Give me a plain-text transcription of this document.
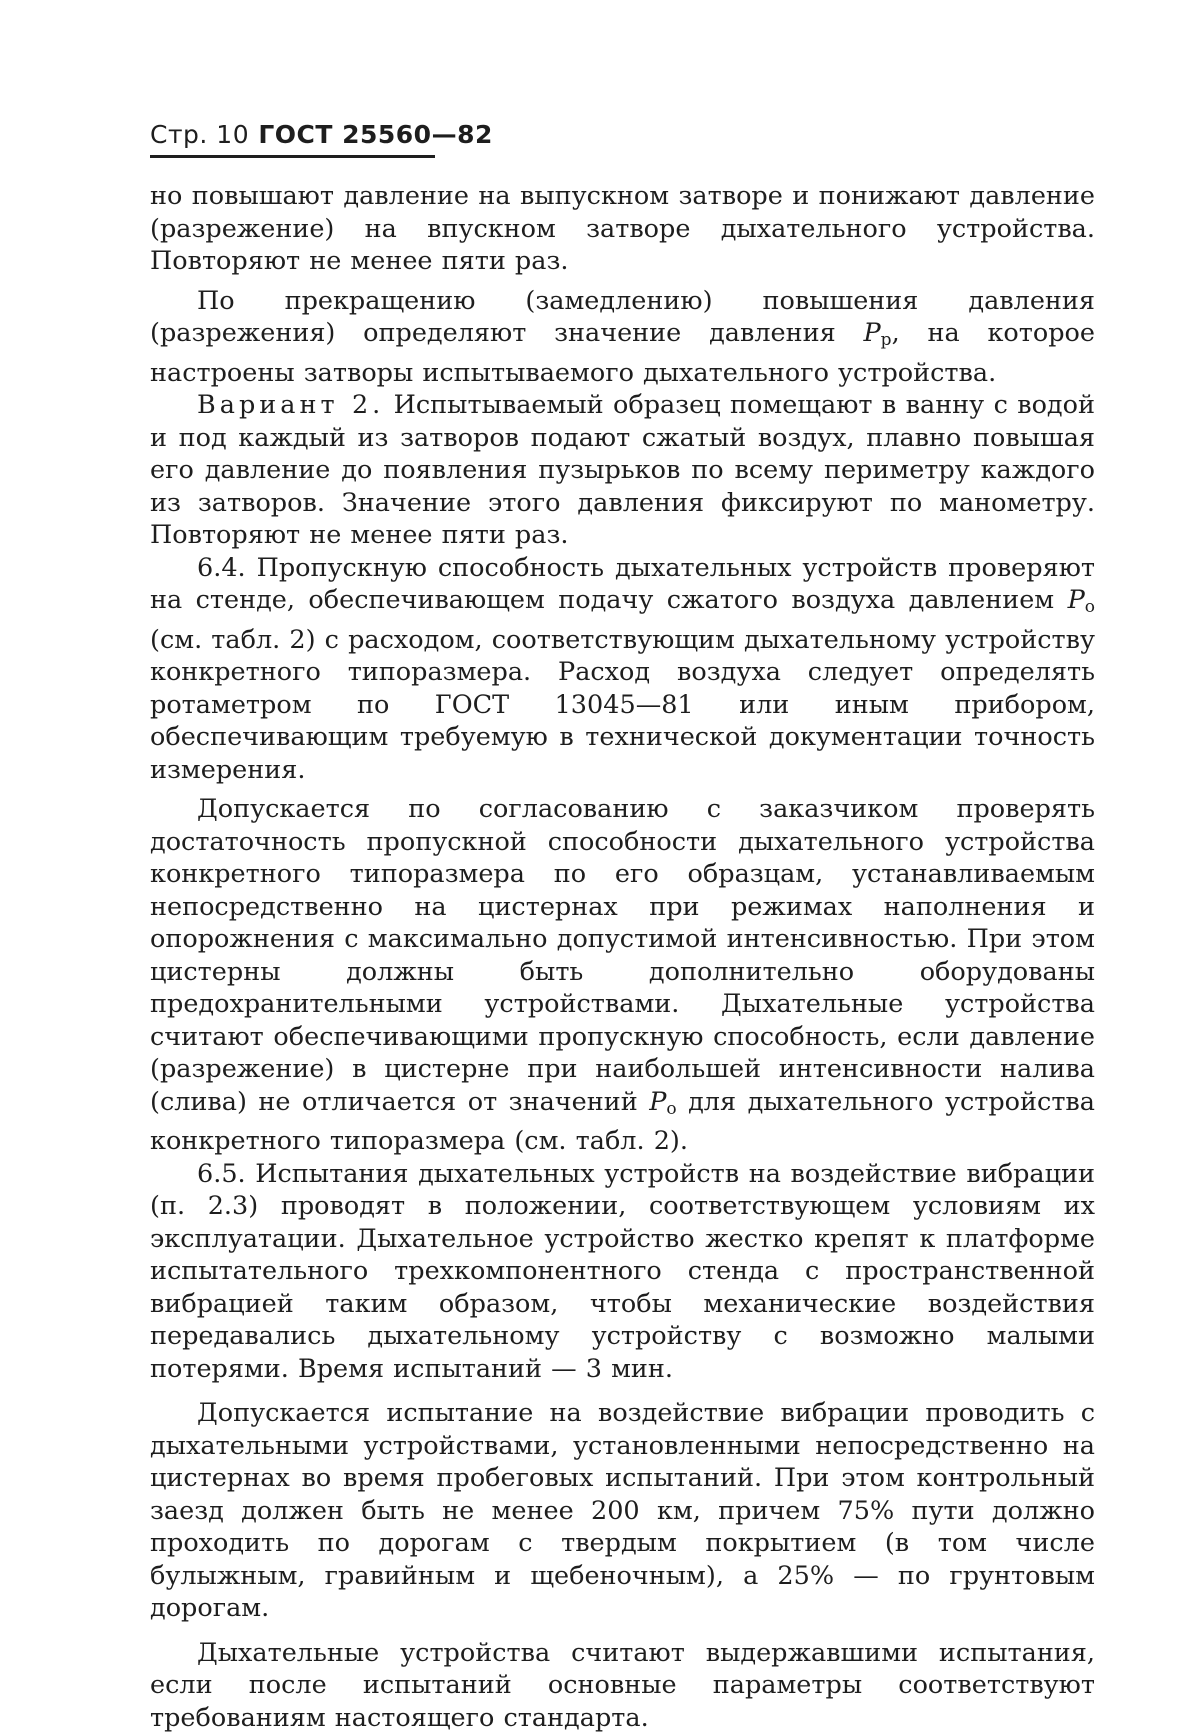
Стр. 10 ГОСТ 25560—82

но повышают давление на выпускном затворе и понижают давление (разрежение) на впускном затворе дыхательного устройства. Повторяют не менее пяти раз.

По прекращению (замедлению) повышения давления (разрежения) определяют значение давления $P_р$, на которое настроены затворы испытываемого дыхательного устройства.

Вариант 2. Испытываемый образец помещают в ванну с водой и под каждый из затворов подают сжатый воздух, плавно повышая его давление до появления пузырьков по всему периметру каждого из затворов. Значение этого давления фиксируют по манометру. Повторяют не менее пяти раз.

6.4. Пропускную способность дыхательных устройств проверяют на стенде, обеспечивающем подачу сжатого воздуха давлением $P_о$ (см. табл. 2) с расходом, соответствующим дыхательному устройству конкретного типоразмера. Расход воздуха следует определять ротаметром по ГОСТ 13045—81 или иным прибором, обеспечивающим требуемую в технической документации точность измерения.

Допускается по согласованию с заказчиком проверять достаточность пропускной способности дыхательного устройства конкретного типоразмера по его образцам, устанавливаемым непосредственно на цистернах при режимах наполнения и опорожнения с максимально допустимой интенсивностью. При этом цистерны должны быть дополнительно оборудованы предохранительными устройствами. Дыхательные устройства считают обеспечивающими пропускную способность, если давление (разрежение) в цистерне при наибольшей интенсивности налива (слива) не отличается от значений $P_о$ для дыхательного устройства конкретного типоразмера (см. табл. 2).

6.5. Испытания дыхательных устройств на воздействие вибрации (п. 2.3) проводят в положении, соответствующем условиям их эксплуатации. Дыхательное устройство жестко крепят к платформе испытательного трехкомпонентного стенда с пространственной вибрацией таким образом, чтобы механические воздействия передавались дыхательному устройству с возможно малыми потерями. Время испытаний — 3 мин.

Допускается испытание на воздействие вибрации проводить с дыхательными устройствами, установленными непосредственно на цистернах во время пробеговых испытаний. При этом контрольный заезд должен быть не менее 200 км, причем 75% пути должно проходить по дорогам с твердым покрытием (в том числе булыжным, гравийным и щебеночным), а 25% — по грунтовым дорогам.

Дыхательные устройства считают выдержавшими испытания, если после испытаний основные параметры соответствуют требованиям настоящего стандарта.
